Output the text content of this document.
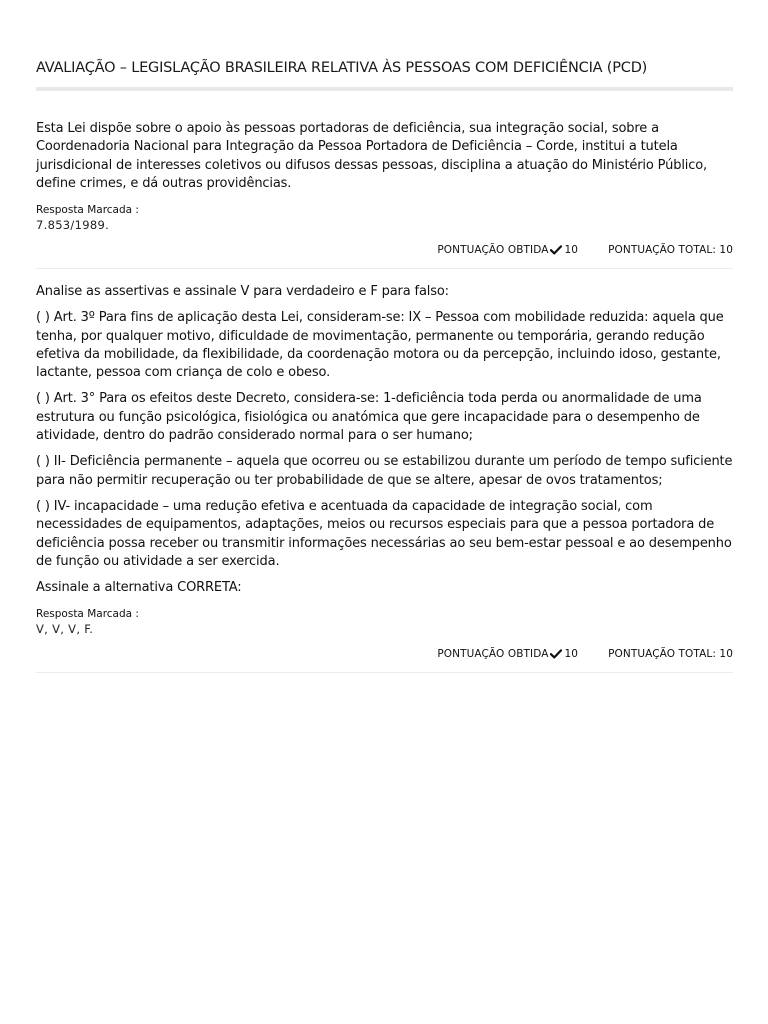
AVALIAÇÃO – LEGISLAÇÃO BRASILEIRA RELATIVA ÀS PESSOAS COM DEFICIÊNCIA (PCD)

Esta Lei dispõe sobre o apoio às pessoas portadoras de deficiência, sua integração social, sobre a Coordenadoria Nacional para Integração da Pessoa Portadora de Deficiência – Corde, institui a tutela jurisdicional de interesses coletivos ou difusos dessas pessoas, disciplina a atuação do Ministério Público, define crimes, e dá outras providências.

Resposta Marcada :
7.853/1989.
PONTUAÇÃO OBTIDA 10	PONTUAÇÃO TOTAL: 10

Analise as assertivas e assinale V para verdadeiro e F para falso:

( ) Art. 3º Para fins de aplicação desta Lei, consideram-se: IX – Pessoa com mobilidade reduzida: aquela que tenha, por qualquer motivo, dificuldade de movimentação, permanente ou temporária, gerando redução efetiva da mobilidade, da flexibilidade, da coordenação motora ou da percepção, incluindo idoso, gestante, lactante, pessoa com criança de colo e obeso.

( ) Art. 3° Para os efeitos deste Decreto, considera-se: 1-deficiência toda perda ou anormalidade de uma estrutura ou função psicológica, fisiológica ou anatómica que gere incapacidade para o desempenho de atividade, dentro do padrão considerado normal para o ser humano;

( ) II- Deficiência permanente – aquela que ocorreu ou se estabilizou durante um período de tempo suficiente para não permitir recuperação ou ter probabilidade de que se altere, apesar de ovos tratamentos;

( ) IV- incapacidade – uma redução efetiva e acentuada da capacidade de integração social, com necessidades de equipamentos, adaptações, meios ou recursos especiais para que a pessoa portadora de deficiência possa receber ou transmitir informações necessárias ao seu bem-estar pessoal e ao desempenho de função ou atividade a ser exercida.

Assinale a alternativa CORRETA:

Resposta Marcada :
V, V, V, F.
PONTUAÇÃO OBTIDA 10	PONTUAÇÃO TOTAL: 10
